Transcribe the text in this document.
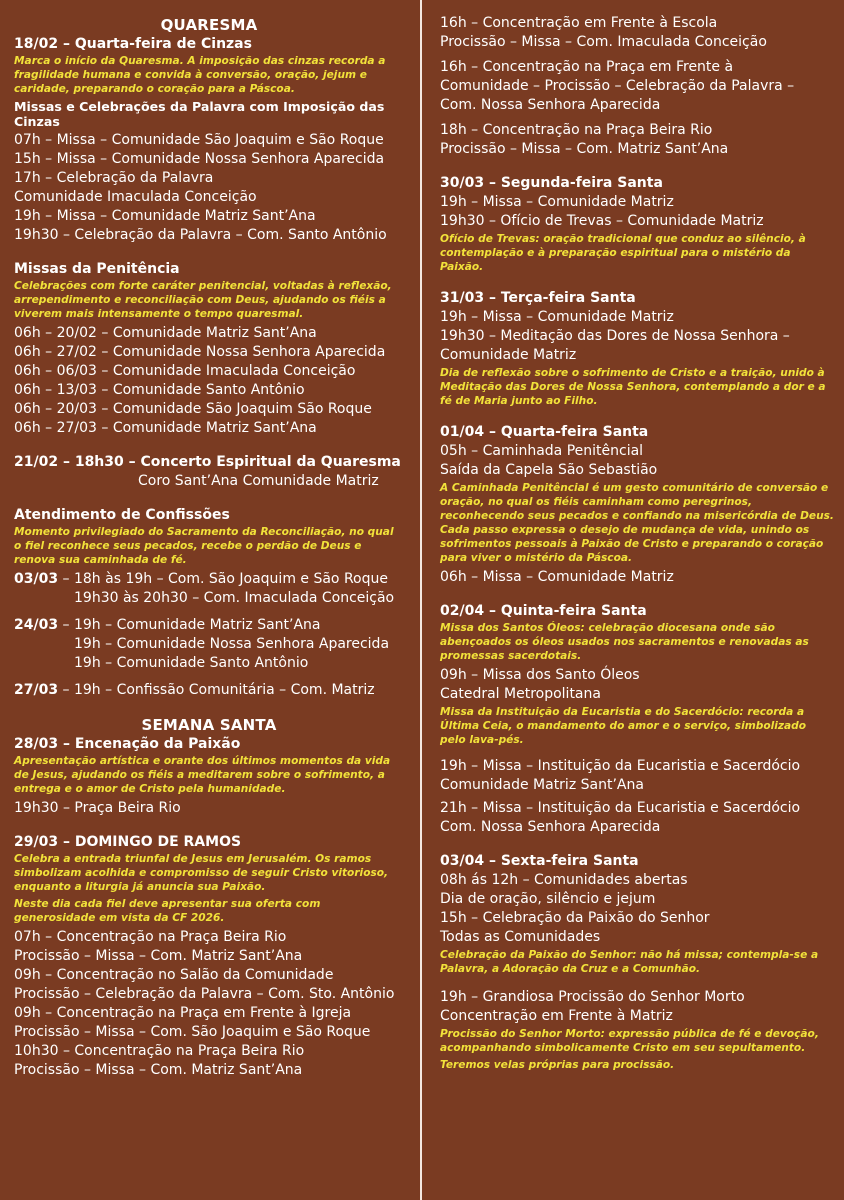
QUARESMA
18/02 – Quarta-feira de Cinzas
Marca o início da Quaresma. A imposição das cinzas recorda a fragilidade humana e convida à conversão, oração, jejum e caridade, preparando o coração para a Páscoa.
Missas e Celebrações da Palavra com Imposição das Cinzas
07h – Missa – Comunidade São Joaquim e São Roque
15h – Missa – Comunidade Nossa Senhora Aparecida
17h – Celebração da Palavra
Comunidade Imaculada Conceição
19h – Missa – Comunidade Matriz Sant’Ana
19h30 – Celebração da Palavra – Com. Santo Antônio
Missas da Penitência
Celebrações com forte caráter penitencial, voltadas à reflexão, arrependimento e reconciliação com Deus, ajudando os fiéis a viverem mais intensamente o tempo quaresmal.
06h – 20/02 – Comunidade Matriz Sant’Ana
06h – 27/02 – Comunidade Nossa Senhora Aparecida
06h – 06/03 – Comunidade Imaculada Conceição
06h – 13/03 – Comunidade Santo Antônio
06h – 20/03 – Comunidade São Joaquim São Roque
06h – 27/03 – Comunidade Matriz Sant’Ana
21/02 – 18h30 – Concerto Espiritual da Quaresma
Coro Sant’Ana Comunidade Matriz
Atendimento de Confissões
Momento privilegiado do Sacramento da Reconciliação, no qual o fiel reconhece seus pecados, recebe o perdão de Deus e renova sua caminhada de fé.
03/03 – 18h às 19h – Com. São Joaquim e São Roque
19h30 às 20h30 – Com. Imaculada Conceição
24/03 – 19h – Comunidade Matriz Sant’Ana
19h – Comunidade Nossa Senhora Aparecida
19h – Comunidade Santo Antônio
27/03 – 19h – Confissão Comunitária – Com. Matriz
SEMANA SANTA
28/03 – Encenação da Paixão
Apresentação artística e orante dos últimos momentos da vida de Jesus, ajudando os fiéis a meditarem sobre o sofrimento, a entrega e o amor de Cristo pela humanidade.
19h30 – Praça Beira Rio
29/03 – DOMINGO DE RAMOS
Celebra a entrada triunfal de Jesus em Jerusalém. Os ramos simbolizam acolhida e compromisso de seguir Cristo vitorioso, enquanto a liturgia já anuncia sua Paixão.
Neste dia cada fiel deve apresentar sua oferta com generosidade em vista da CF 2026.
07h – Concentração na Praça Beira Rio
Procissão – Missa – Com. Matriz Sant’Ana
09h – Concentração no Salão da Comunidade
Procissão – Celebração da Palavra – Com. Sto. Antônio
09h – Concentração na Praça em Frente à Igreja
Procissão – Missa – Com. São Joaquim e São Roque
10h30 – Concentração na Praça Beira Rio
Procissão – Missa – Com. Matriz Sant’Ana
16h – Concentração em Frente à Escola
Procissão – Missa – Com. Imaculada Conceição
16h – Concentração na Praça em Frente à
Comunidade – Procissão – Celebração da Palavra –
Com. Nossa Senhora Aparecida
18h – Concentração na Praça Beira Rio
Procissão – Missa – Com. Matriz Sant’Ana
30/03 – Segunda-feira Santa
19h – Missa – Comunidade Matriz
19h30 – Ofício de Trevas – Comunidade Matriz
Ofício de Trevas: oração tradicional que conduz ao silêncio, à contemplação e à preparação espiritual para o mistério da Paixão.
31/03 – Terça-feira Santa
19h – Missa – Comunidade Matriz
19h30 – Meditação das Dores de Nossa Senhora –
Comunidade Matriz
Dia de reflexão sobre o sofrimento de Cristo e a traição, unido à Meditação das Dores de Nossa Senhora, contemplando a dor e a fé de Maria junto ao Filho.
01/04 – Quarta-feira Santa
05h – Caminhada Penitêncial
Saída da Capela São Sebastião
A Caminhada Penitêncial é um gesto comunitário de conversão e oração, no qual os fiéis caminham como peregrinos, reconhecendo seus pecados e confiando na misericórdia de Deus. Cada passo expressa o desejo de mudança de vida, unindo os sofrimentos pessoais à Paixão de Cristo e preparando o coração para viver o mistério da Páscoa.
06h – Missa – Comunidade Matriz
02/04 – Quinta-feira Santa
Missa dos Santos Óleos: celebração diocesana onde são abençoados os óleos usados nos sacramentos e renovadas as promessas sacerdotais.
09h – Missa dos Santo Óleos
Catedral Metropolitana
Missa da Instituição da Eucaristia e do Sacerdócio: recorda a Última Ceia, o mandamento do amor e o serviço, simbolizado pelo lava-pés.
19h – Missa – Instituição da Eucaristia e Sacerdócio
Comunidade Matriz Sant’Ana
21h – Missa – Instituição da Eucaristia e Sacerdócio
Com. Nossa Senhora Aparecida
03/04 – Sexta-feira Santa
08h ás 12h – Comunidades abertas
Dia de oração, silêncio e jejum
15h – Celebração da Paixão do Senhor
Todas as Comunidades
Celebração da Paixão do Senhor: não há missa; contempla-se a Palavra, a Adoração da Cruz e a Comunhão.
19h – Grandiosa Procissão do Senhor Morto
Concentração em Frente à Matriz
Procissão do Senhor Morto: expressão pública de fé e devoção, acompanhando simbolicamente Cristo em seu sepultamento.
Teremos velas próprias para procissão.
